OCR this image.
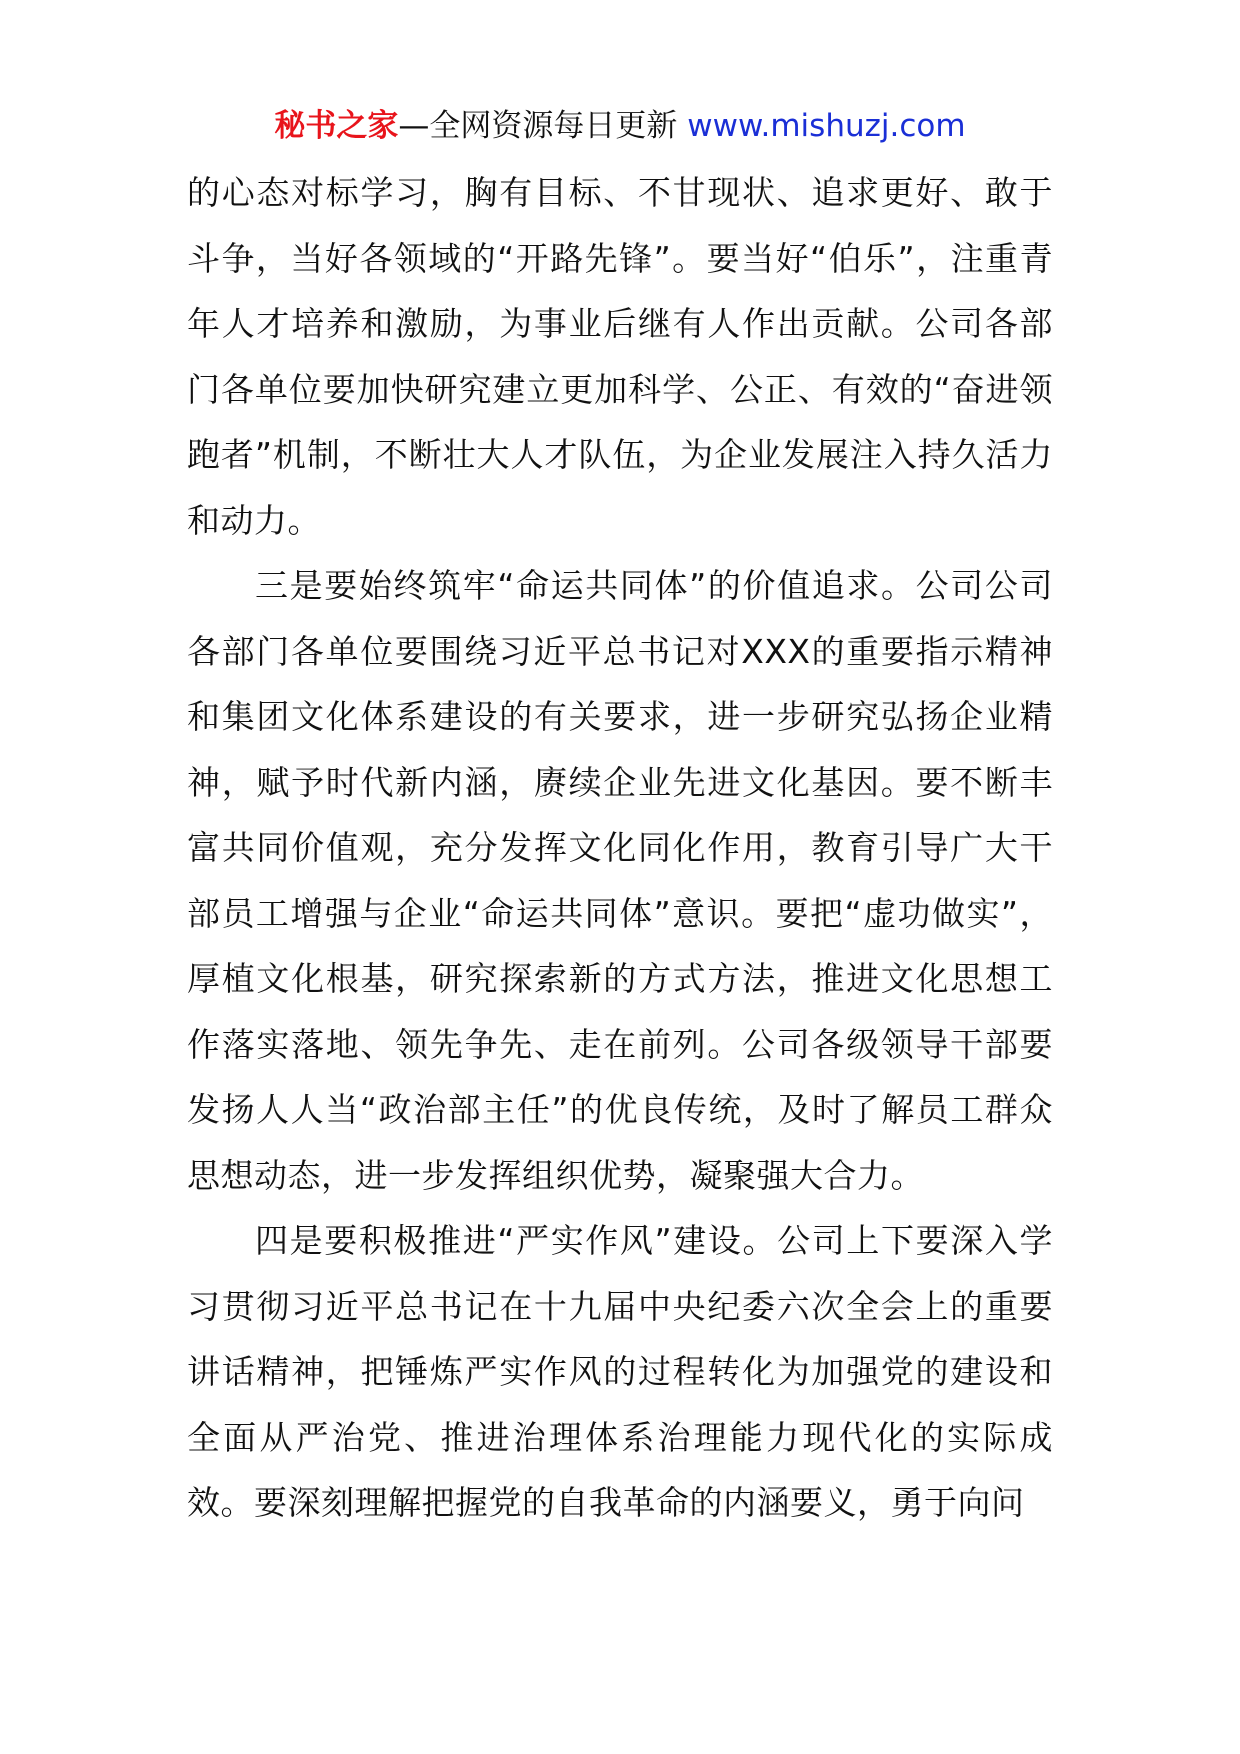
秘书之家—全网资源每日更新 www.mishuzj.com

的心态对标学习，胸有目标、不甘现状、追求更好、敢于斗争，当好各领域的“开路先锋”。要当好“伯乐”，注重青年人才培养和激励，为事业后继有人作出贡献。公司各部门各单位要加快研究建立更加科学、公正、有效的“奋进领跑者”机制，不断壮大人才队伍，为企业发展注入持久活力和动力。

三是要始终筑牢“命运共同体”的价值追求。公司公司各部门各单位要围绕习近平总书记对XXX的重要指示精神和集团文化体系建设的有关要求，进一步研究弘扬企业精神，赋予时代新内涵，赓续企业先进文化基因。要不断丰富共同价值观，充分发挥文化同化作用，教育引导广大干部员工增强与企业“命运共同体”意识。要把“虚功做实”，厚植文化根基，研究探索新的方式方法，推进文化思想工作落实落地、领先争先、走在前列。公司各级领导干部要发扬人人当“政治部主任”的优良传统，及时了解员工群众思想动态，进一步发挥组织优势，凝聚强大合力。

四是要积极推进“严实作风”建设。公司上下要深入学习贯彻习近平总书记在十九届中央纪委六次全会上的重要讲话精神，把锤炼严实作风的过程转化为加强党的建设和全面从严治党、推进治理体系治理能力现代化的实际成效。要深刻理解把握党的自我革命的内涵要义，勇于向问
